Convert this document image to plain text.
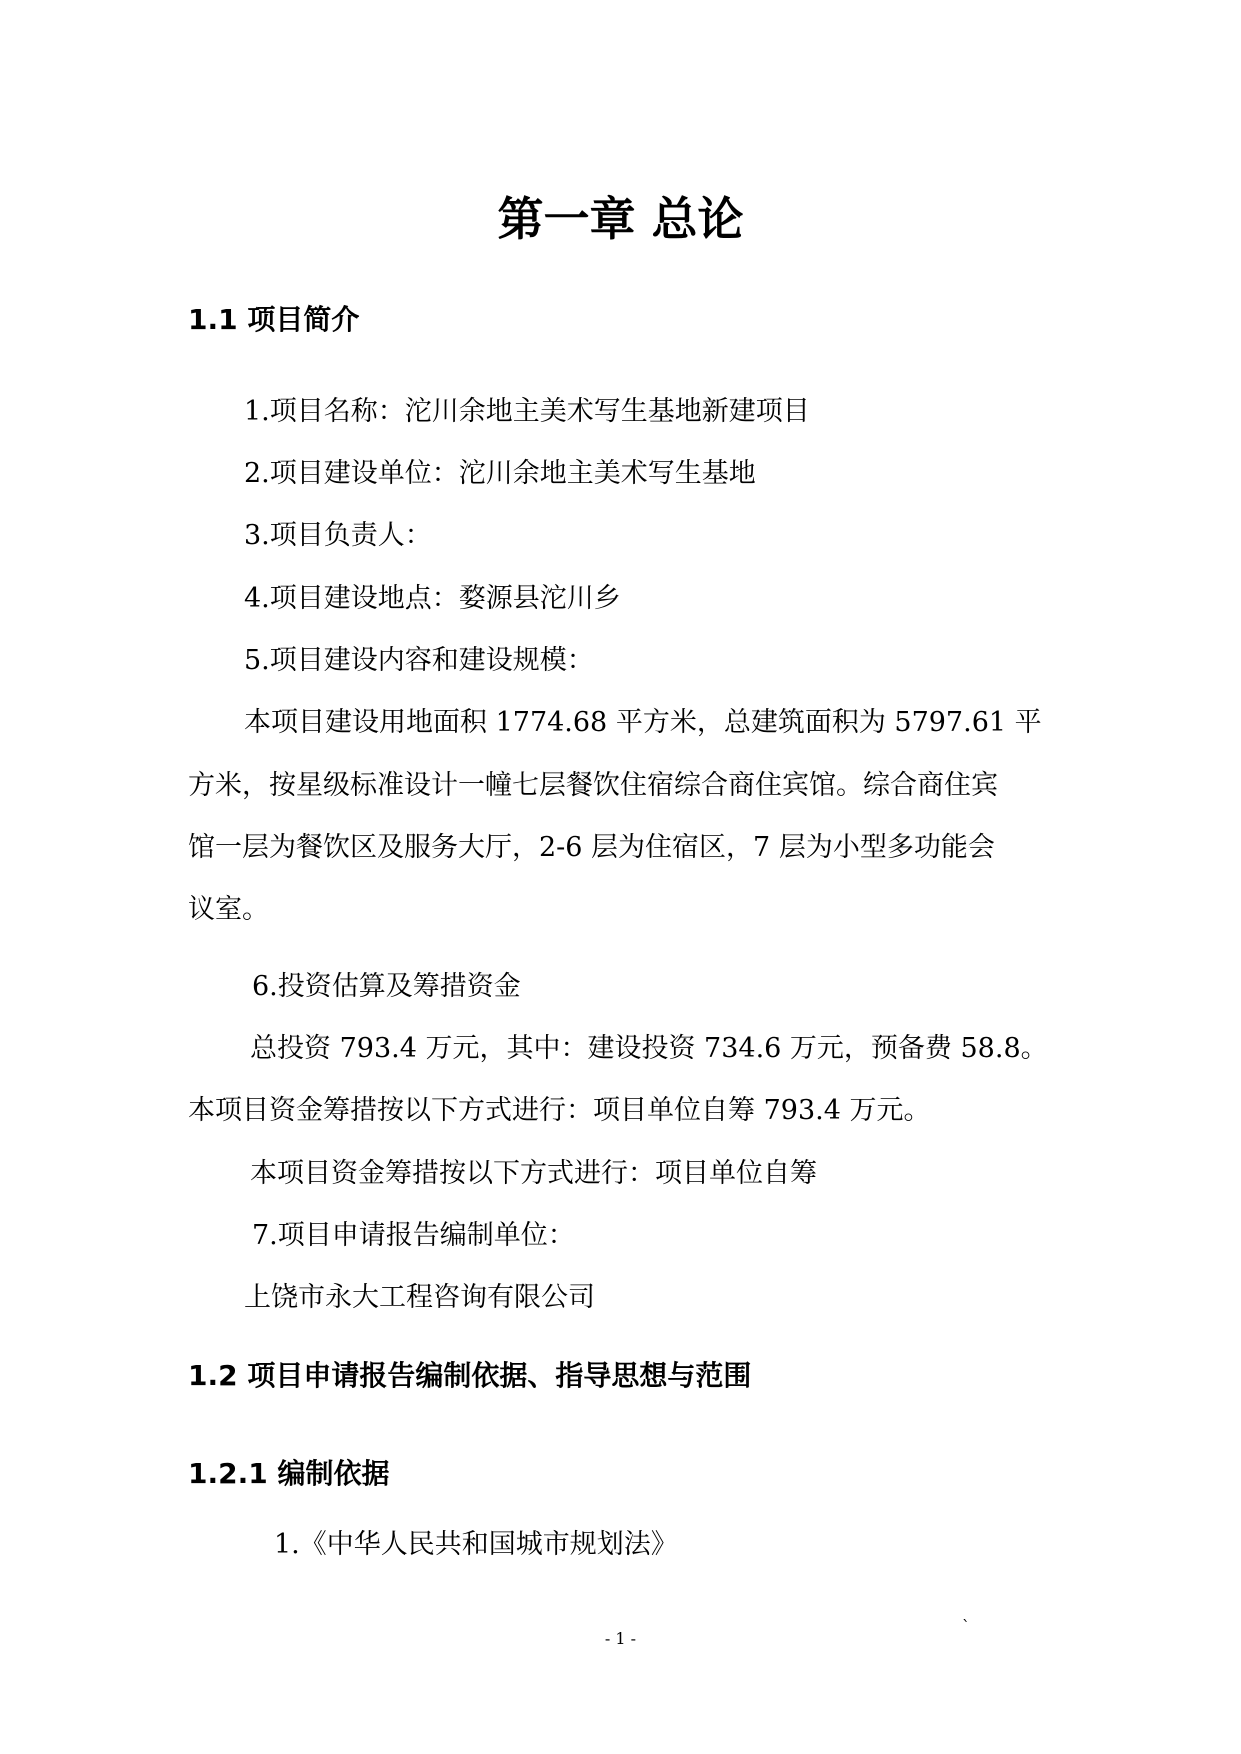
第一章 总论
1.1 项目简介
1.项目名称：沱川余地主美术写生基地新建项目
2.项目建设单位：沱川余地主美术写生基地
3.项目负责人：
4.项目建设地点：婺源县沱川乡
5.项目建设内容和建设规模：
本项目建设用地面积 1774.68 平方米，总建筑面积为 5797.61 平
方米，按星级标准设计一幢七层餐饮住宿综合商住宾馆。综合商住宾
馆一层为餐饮区及服务大厅，2-6 层为住宿区，7 层为小型多功能会
议室。
6.投资估算及筹措资金
总投资 793.4 万元，其中：建设投资 734.6 万元，预备费 58.8。
本项目资金筹措按以下方式进行：项目单位自筹 793.4 万元。
本项目资金筹措按以下方式进行：项目单位自筹
7.项目申请报告编制单位：
上饶市永大工程咨询有限公司
1.2 项目申请报告编制依据、指导思想与范围
1.2.1 编制依据
1.《中华人民共和国城市规划法》
- 1 -
`
